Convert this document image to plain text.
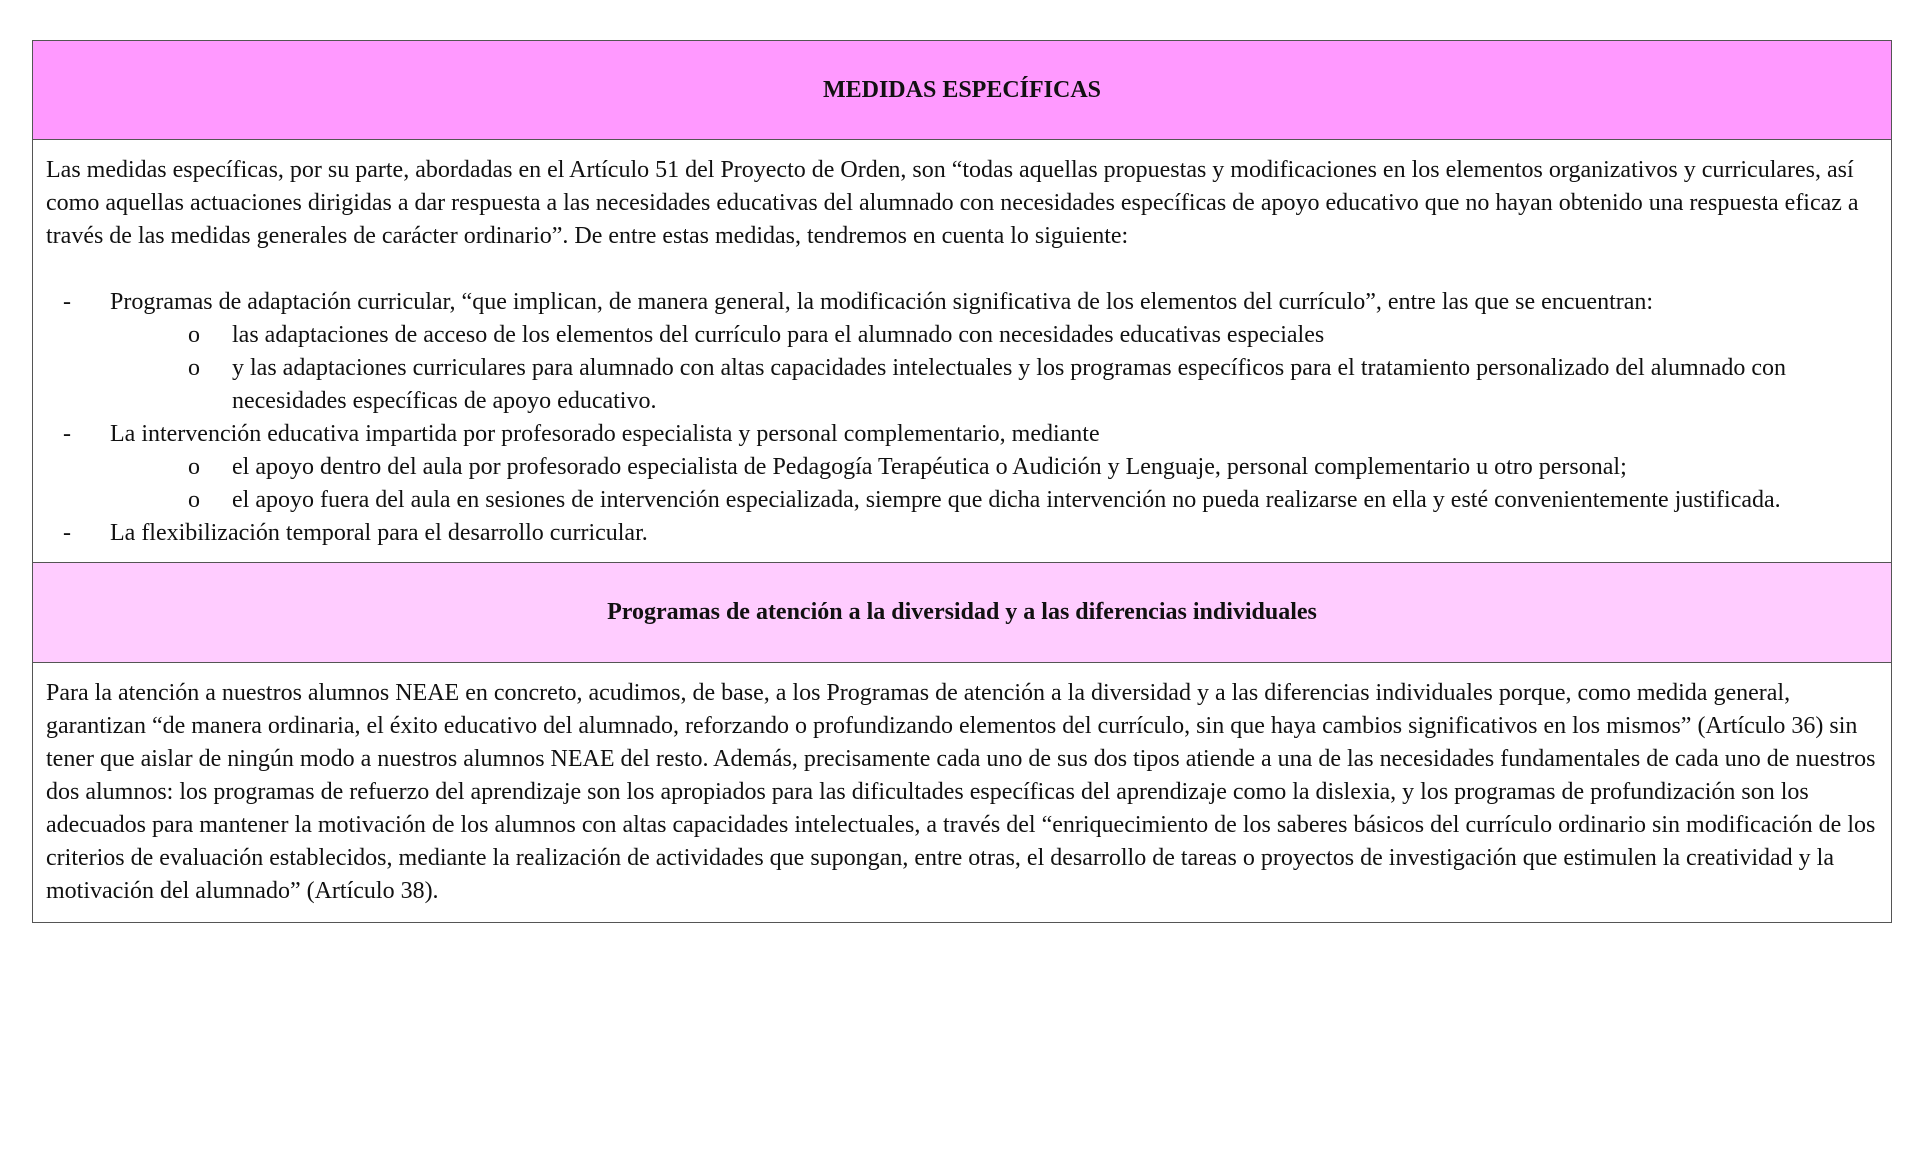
MEDIDAS ESPECÍFICAS

Las medidas específicas, por su parte, abordadas en el Artículo 51 del Proyecto de Orden, son “todas aquellas propuestas y modificaciones en los elementos organizativos y curriculares, así como aquellas actuaciones dirigidas a dar respuesta a las necesidades educativas del alumnado con necesidades específicas de apoyo educativo que no hayan obtenido una respuesta eficaz a través de las medidas generales de carácter ordinario”. De entre estas medidas, tendremos en cuenta lo siguiente:

- Programas de adaptación curricular, “que implican, de manera general, la modificación significativa de los elementos del currículo”, entre las que se encuentran:
o las adaptaciones de acceso de los elementos del currículo para el alumnado con necesidades educativas especiales
o y las adaptaciones curriculares para alumnado con altas capacidades intelectuales y los programas específicos para el tratamiento personalizado del alumnado con necesidades específicas de apoyo educativo.
- La intervención educativa impartida por profesorado especialista y personal complementario, mediante
o el apoyo dentro del aula por profesorado especialista de Pedagogía Terapéutica o Audición y Lenguaje, personal complementario u otro personal;
o el apoyo fuera del aula en sesiones de intervención especializada, siempre que dicha intervención no pueda realizarse en ella y esté convenientemente justificada.
- La flexibilización temporal para el desarrollo curricular.
Programas de atención a la diversidad y a las diferencias individuales

Para la atención a nuestros alumnos NEAE en concreto, acudimos, de base, a los Programas de atención a la diversidad y a las diferencias individuales porque, como medida general, garantizan “de manera ordinaria, el éxito educativo del alumnado, reforzando o profundizando elementos del currículo, sin que haya cambios significativos en los mismos” (Artículo 36) sin tener que aislar de ningún modo a nuestros alumnos NEAE del resto. Además, precisamente cada uno de sus dos tipos atiende a una de las necesidades fundamentales de cada uno de nuestros dos alumnos: los programas de refuerzo del aprendizaje son los apropiados para las dificultades específicas del aprendizaje como la dislexia, y los programas de profundización son los adecuados para mantener la motivación de los alumnos con altas capacidades intelectuales, a través del “enriquecimiento de los saberes básicos del currículo ordinario sin modificación de los criterios de evaluación establecidos, mediante la realización de actividades que supongan, entre otras, el desarrollo de tareas o proyectos de investigación que estimulen la creatividad y la motivación del alumnado” (Artículo 38).
